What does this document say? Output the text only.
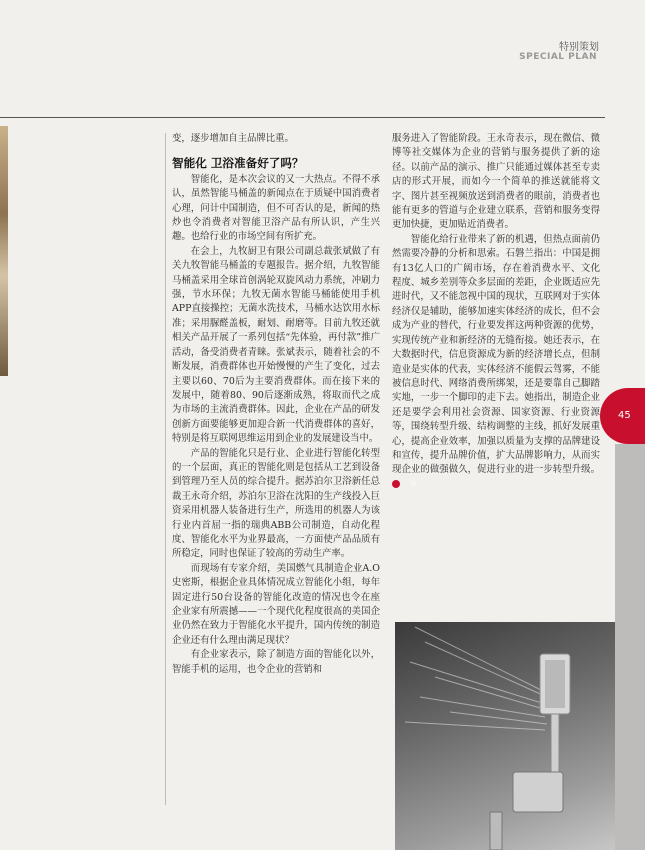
特别策划
SPECIAL PLAN

变，逐步增加自主品牌比重。

智能化 卫浴准备好了吗？

智能化，是本次会议的又一大热点。不得不承认，虽然智能马桶盖的新闻点在于质疑中国消费者心理，问计中国制造，但不可否认的是，新闻的热炒也令消费者对智能卫浴产品有所认识，产生兴趣。也给行业的市场空间有所扩充。

在会上，九牧厨卫有限公司副总裁张斌做了有关九牧智能马桶盖的专题报告。据介绍，九牧智能马桶盖采用全球首创涡轮双旋风动力系统，冲刷力强，节水环保；九牧无菌水智能马桶能使用手机APP直接操控；无菌水洗技术，马桶水达饮用水标准；采用脲醛盖板，耐划、耐磨等。目前九牧还就相关产品开展了一系列包括“先体验，再付款”推广活动，备受消费者青睐。张斌表示，随着社会的不断发展，消费群体也开始慢慢的产生了变化，过去主要以60、70后为主要消费群体。而在接下来的发展中，随着80、90后逐渐成熟，将取而代之成为市场的主流消费群体。因此，企业在产品的研发创新方面要能够更加迎合新一代消费群体的喜好，特别是将互联网思维运用到企业的发展建设当中。

产品的智能化只是行业、企业进行智能化转型的一个层面，真正的智能化则是包括从工艺到设备到管理乃至人员的综合提升。据苏泊尔卫浴新任总裁王永奇介绍，苏泊尔卫浴在沈阳的生产线投入巨资采用机器人装备进行生产，所选用的机器人为该行业内首屈一指的瑞典ABB公司制造，自动化程度、智能化水平为业界最高，一方面使产品品质有所稳定，同时也保证了较高的劳动生产率。

而现场有专家介绍，美国燃气具制造企业A.O史密斯，根据企业具体情况成立智能化小组，每年固定进行50台设备的智能化改造的情况也令在座企业家有所震撼——一个现代化程度很高的美国企业仍然在致力于智能化水平提升，国内传统的制造企业还有什么理由满足现状？

有企业家表示，除了制造方面的智能化以外，智能手机的运用，也令企业的营销和

服务进入了智能阶段。王永奇表示，现在微信、微博等社交媒体为企业的营销与服务提供了新的途径。以前产品的演示、推广只能通过媒体甚至专卖店的形式开展，而如今一个简单的推送就能将文字、图片甚至视频放送到消费者的眼前，消费者也能有更多的管道与企业建立联系，营销和服务变得更加快捷，更加贴近消费者。

智能化给行业带来了新的机遇，但热点面前仍然需要冷静的分析和思索。石磐兰指出：中国是拥有13亿人口的广阔市场，存在着消费水平、文化程度、城乡差别等众多层面的差距，企业既适应先进时代，又不能忽视中国的现状，互联网对于实体经济仅是辅助，能够加速实体经济的成长，但不会成为产业的替代，行业要发挥这两种资源的优势，实现传统产业和新经济的无缝衔接。她还表示，在大数据时代，信息资源成为新的经济增长点，但制造业是实体的代表，实体经济不能假云驾雾，不能被信息时代、网络消费所绑架，还是要靠自己脚踏实地，一步一个脚印的走下去。她指出，制造企业还是要学会利用社会资源、国家资源、行业资源等，围绕转型升级、结构调整的主线，抓好发展重心，提高企业效率，加强以质量为支撑的品牌建设和宣传，提升品牌价值，扩大品牌影响力，从而实现企业的做强做久，促进行业的进一步转型升级。◎

45
